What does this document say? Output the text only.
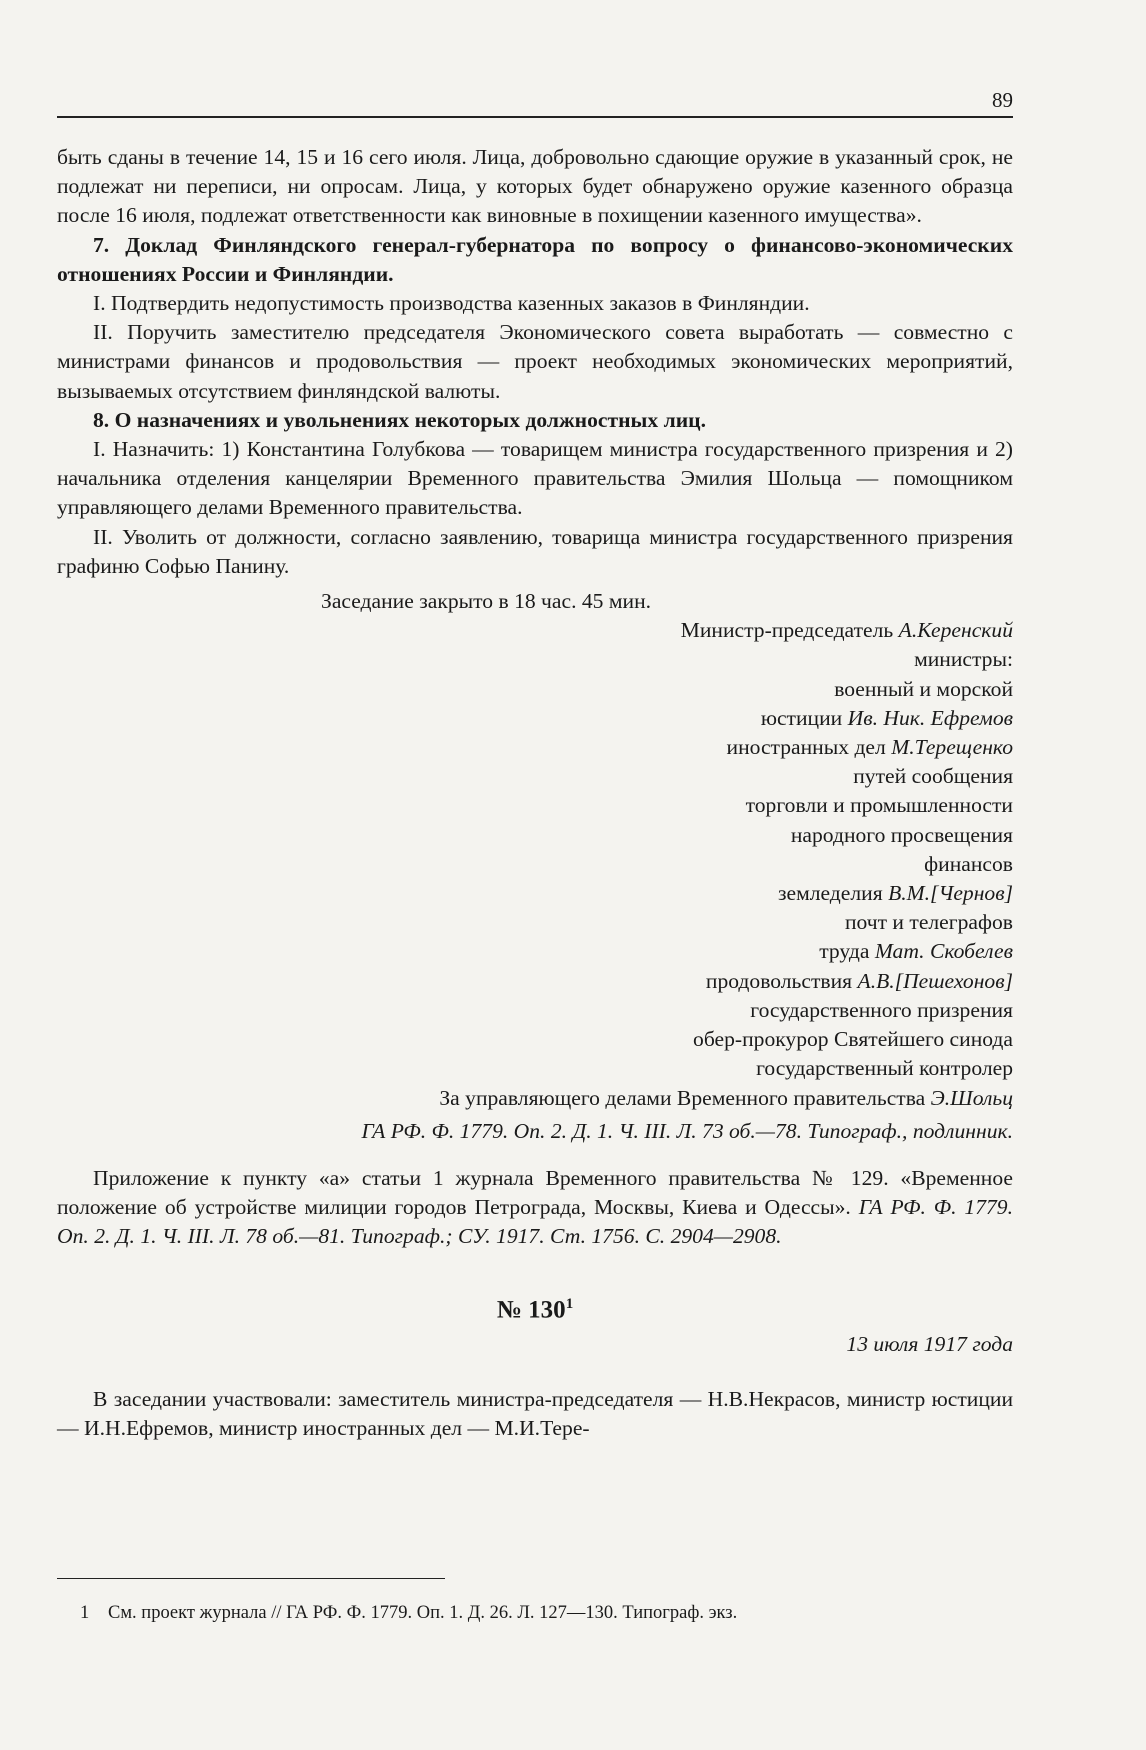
89

быть сданы в течение 14, 15 и 16 сего июля. Лица, добровольно сдающие оружие в указанный срок, не подлежат ни переписи, ни опросам. Лица, у которых будет обнаружено оружие казенного образца после 16 июля, подлежат ответственности как виновные в похищении казенного имущества».

7. Доклад Финляндского генерал-губернатора по вопросу о финансово-экономических отношениях России и Финляндии.

I. Подтвердить недопустимость производства казенных заказов в Финляндии.

II. Поручить заместителю председателя Экономического совета выработать — совместно с министрами финансов и продовольствия — проект необходимых экономических мероприятий, вызываемых отсутствием финляндской валюты.

8. О назначениях и увольнениях некоторых должностных лиц.

I. Назначить: 1) Константина Голубкова — товарищем министра государственного призрения и 2) начальника отделения канцелярии Временного правительства Эмилия Шольца — помощником управляющего делами Временного правительства.

II. Уволить от должности, согласно заявлению, товарища министра государственного призрения графиню Софью Панину.

Заседание закрыто в 18 час. 45 мин.

Министр-председатель А.Керенский
министры:
военный и морской
юстиции Ив. Ник. Ефремов
иностранных дел М.Терещенко
путей сообщения
торговли и промышленности
народного просвещения
финансов
земледелия В.М.[Чернов]
почт и телеграфов
труда Мат. Скобелев
продовольствия А.В.[Пешехонов]
государственного призрения
обер-прокурор Святейшего синода
государственный контролер
За управляющего делами Временного правительства Э.Шольц

ГА РФ. Ф. 1779. Оп. 2. Д. 1. Ч. III. Л. 73 об.—78. Типограф., подлинник.

Приложение к пункту «а» статьи 1 журнала Временного правительства № 129. «Временное положение об устройстве милиции городов Петрограда, Москвы, Киева и Одессы». ГА РФ. Ф. 1779. Оп. 2. Д. 1. Ч. III. Л. 78 об.—81. Типограф.; СУ. 1917. Ст. 1756. С. 2904—2908.

№ $130^1$
13 июля 1917 года

В заседании участвовали: заместитель министра-председателя — Н.В.Некрасов, министр юстиции — И.Н.Ефремов, министр иностранных дел — М.И.Тере-

1 См. проект журнала // ГА РФ. Ф. 1779. Оп. 1. Д. 26. Л. 127—130. Типограф. экз.
